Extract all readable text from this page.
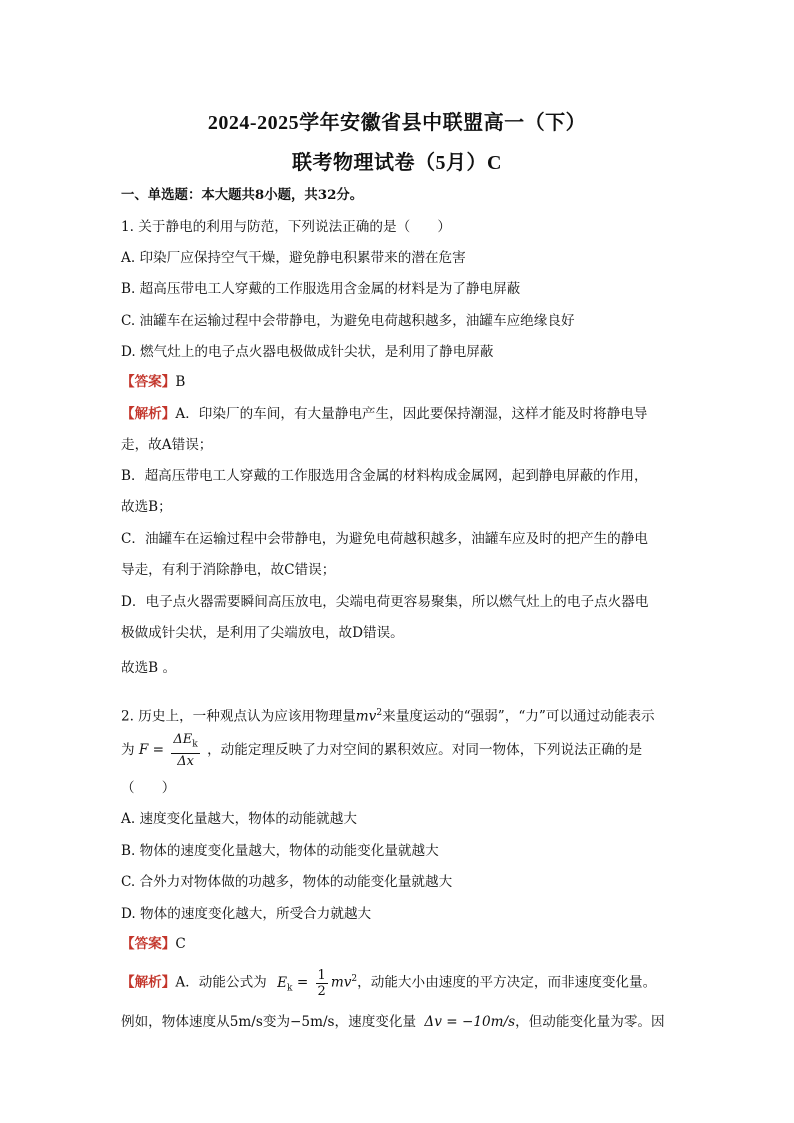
2024-2025学年安徽省县中联盟高一（下）
联考物理试卷（5月）C
一、单选题：本大题共8小题，共32分。
1. 关于静电的利用与防范，下列说法正确的是（　　）
A. 印染厂应保持空气干燥，避免静电积累带来的潜在危害
B. 超高压带电工人穿戴的工作服选用含金属的材料是为了静电屏蔽
C. 油罐车在运输过程中会带静电，为避免电荷越积越多，油罐车应绝缘良好
D. 燃气灶上的电子点火器电极做成针尖状，是利用了静电屏蔽
【答案】B
【解析】A．印染厂的车间，有大量静电产生，因此要保持潮湿，这样才能及时将静电导
走，故A错误；
B．超高压带电工人穿戴的工作服选用含金属的材料构成金属网，起到静电屏蔽的作用，
故选B；
C．油罐车在运输过程中会带静电，为避免电荷越积越多，油罐车应及时的把产生的静电
导走，有利于消除静电，故C错误；
D．电子点火器需要瞬间高压放电，尖端电荷更容易聚集，所以燃气灶上的电子点火器电
极做成针尖状，是利用了尖端放电，故D错误。
故选B 。
2. 历史上，一种观点认为应该用物理量$mv^2$来量度运动的“强弱”，“力”可以通过动能表示
为 $F = \frac{\Delta E_k}{\Delta x}$ ，动能定理反映了力对空间的累积效应。对同一物体，下列说法正确的是
（　　）
A. 速度变化量越大，物体的动能就越大
B. 物体的速度变化量越大，物体的动能变化量就越大
C. 合外力对物体做的功越多，物体的动能变化量就越大
D. 物体的速度变化越大，所受合力就越大
【答案】C
【解析】A．动能公式为 $E_k = \frac{1}{2} mv^2$，动能大小由速度的平方决定，而非速度变化量。
例如，物体速度从5m/s变为−5m/s，速度变化量 Δv = −10m/s，但动能变化量为零。因
